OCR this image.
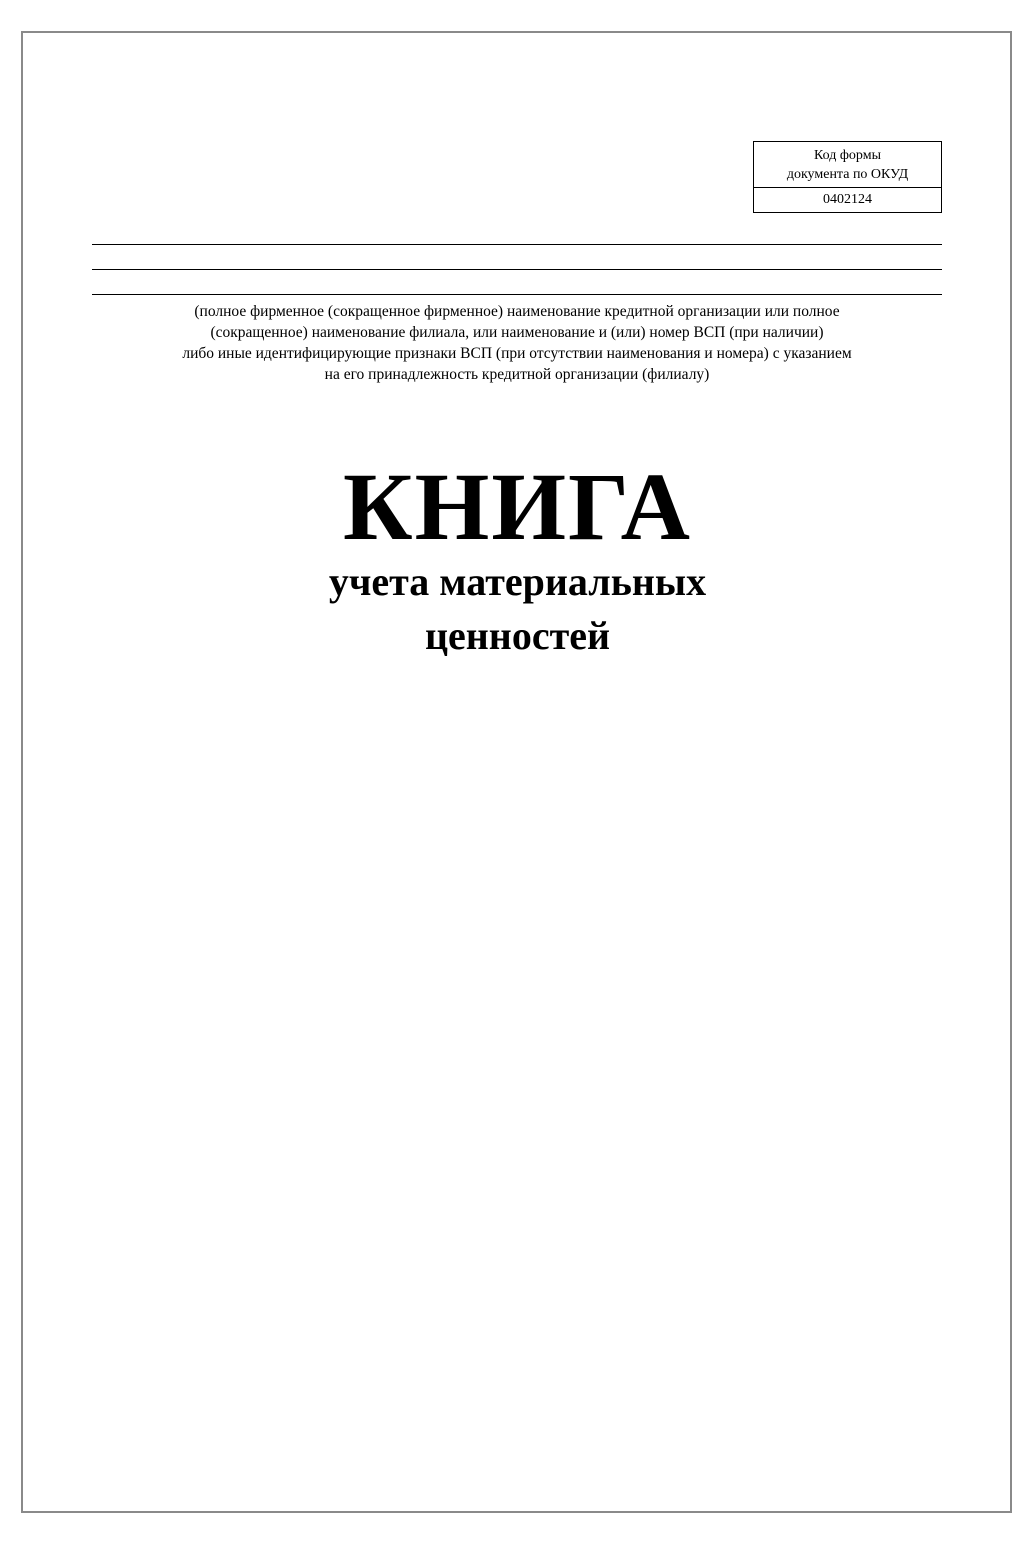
Код формы
документа по ОКУД
0402124
(полное фирменное (сокращенное фирменное) наименование кредитной организации или полное
(сокращенное) наименование филиала, или наименование и (или) номер ВСП (при наличии)
либо иные идентифицирующие признаки ВСП (при отсутствии наименования и номера) с указанием
на его принадлежность кредитной организации (филиалу)
КНИГА
учета материальных
ценностей
